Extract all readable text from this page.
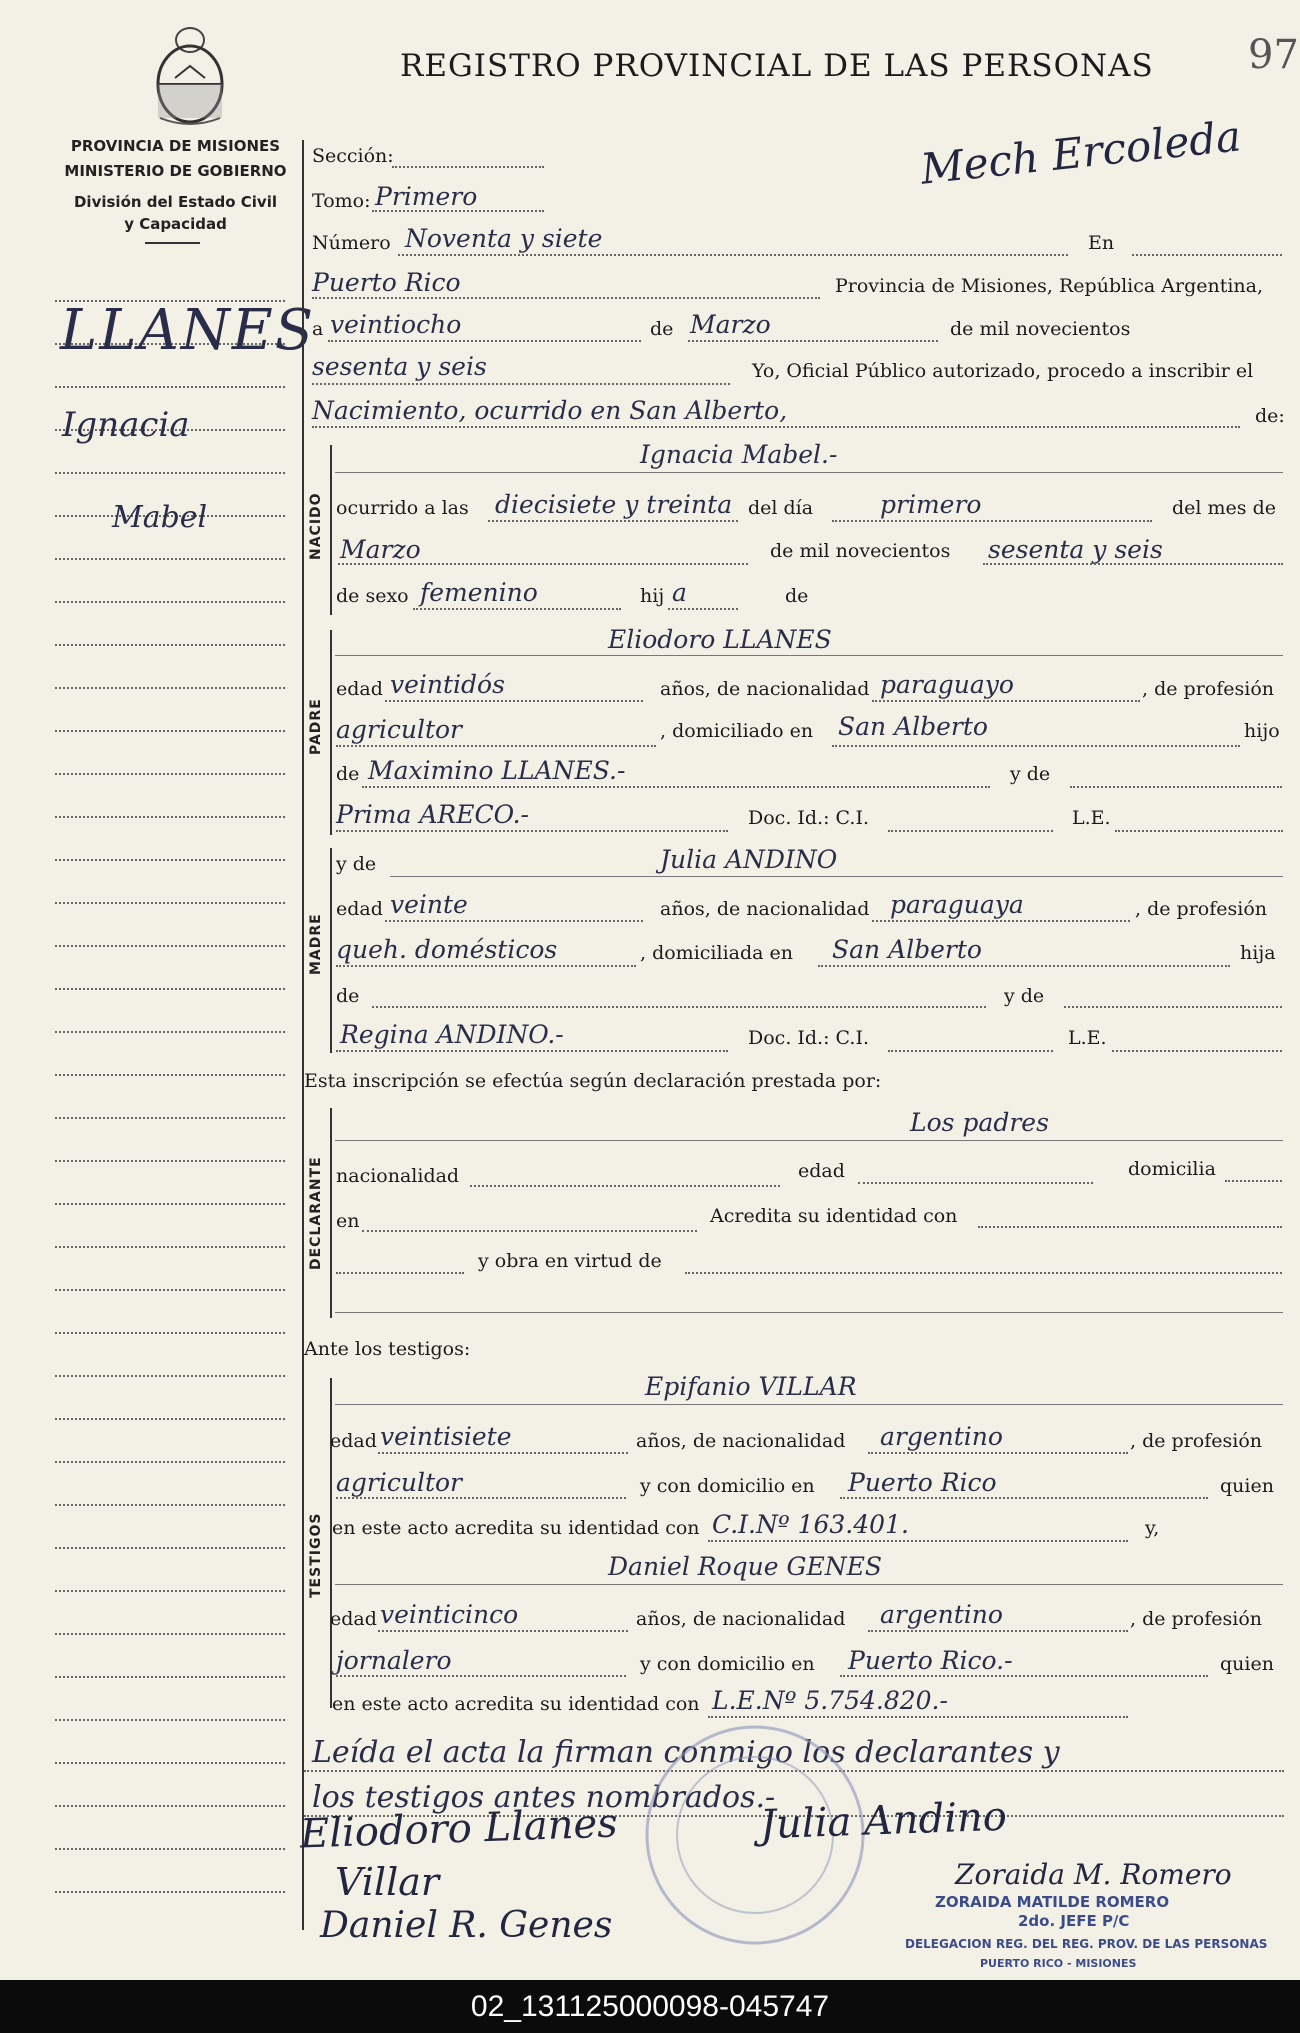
REGISTRO PROVINCIAL DE LAS PERSONAS 97
Mech Ercoleda
PROVINCIA DE MISIONES
MINISTERIO DE GOBIERNO
División del Estado Civil
y Capacidad
LLANES
Ignacia
Mabel
Sección:
Tomo: Primero
Número Noventa y siete	En
Puerto Rico	Provincia de Misiones, República Argentina,
a veintiocho	de Marzo	de mil novecientos
sesenta y seis	Yo, Oficial Público autorizado, procedo a inscribir el
Nacimiento, ocurrido en San Alberto,	de:
NACIDO
Ignacia Mabel.-
ocurrido a las diecisiete y treinta del día	primero	del mes de
Marzo	de mil novecientos sesenta y seis
de sexo femenino	hij a	de
PADRE
Eliodoro LLANES
edad veintidós	años, de nacionalidad paraguayo	, de profesión
agricultor	, domiciliado en San Alberto	hijo
de Maximino LLANES.-	y de
Prima ARECO.-	Doc. Id.: C.I.	L.E.
MADRE
y de	Julia ANDINO
edad veinte	años, de nacionalidad paraguaya	, de profesión
queh. domésticos	, domiciliada en San Alberto	hija
de	y de
Regina ANDINO.-	Doc. Id.: C.I.	L.E.
Esta inscripción se efectúa según declaración prestada por:
DECLARANTE
Los padres
nacionalidad	edad	domicilia
en	Acredita su identidad con
y obra en virtud de
Ante los testigos:
TESTIGOS
Epifanio VILLAR
edad veintisiete	años, de nacionalidad argentino	, de profesión
agricultor	y con domicilio en Puerto Rico	quien
en este acto acredita su identidad con C.I.Nº 163.401.	y,
Daniel Roque GENES
edad veinticinco	años, de nacionalidad argentino	, de profesión
jornalero	y con domicilio en Puerto Rico.-	quien
en este acto acredita su identidad con L.E.Nº 5.754.820.-
Leída el acta la firman conmigo los declarantes y
los testigos antes nombrados.-
Eliodoro Llanes	Julia Andino
Villar	Zoraida M. Romero
Daniel R. Genes
ZORAIDA MATILDE ROMERO
2do. JEFE P/C
DELEGACION REG. DEL REG. PROV. DE LAS PERSONAS
PUERTO RICO - MISIONES
02_131125000098-045747
